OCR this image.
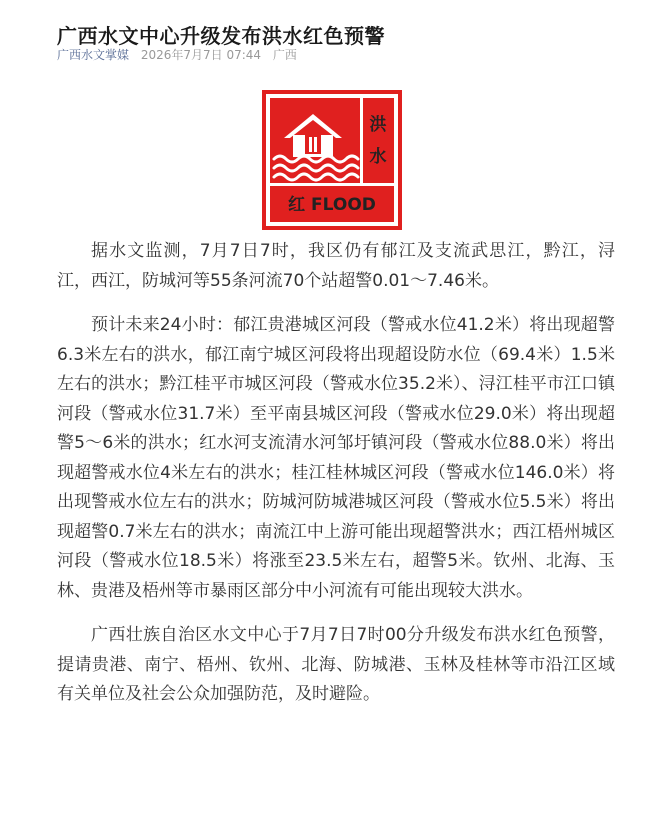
广西水文中心升级发布洪水红色预警
广西水文掌媒 2026年7月7日 07:44 广西
洪
水
红 FLOOD

据水文监测，7月7日7时，我区仍有郁江及支流武思江，黔江，浔江，西江，防城河等55条河流70个站超警0.01～7.46米。

预计未来24小时：郁江贵港城区河段（警戒水位41.2米）将出现超警6.3米左右的洪水，郁江南宁城区河段将出现超设防水位（69.4米）1.5米左右的洪水；黔江桂平市城区河段（警戒水位35.2米）、浔江桂平市江口镇河段（警戒水位31.7米）至平南县城区河段（警戒水位29.0米）将出现超警5～6米的洪水；红水河支流清水河邹圩镇河段（警戒水位88.0米）将出现超警戒水位4米左右的洪水；桂江桂林城区河段（警戒水位146.0米）将出现警戒水位左右的洪水；防城河防城港城区河段（警戒水位5.5米）将出现超警0.7米左右的洪水；南流江中上游可能出现超警洪水；西江梧州城区河段（警戒水位18.5米）将涨至23.5米左右，超警5米。钦州、北海、玉林、贵港及梧州等市暴雨区部分中小河流有可能出现较大洪水。

广西壮族自治区水文中心于7月7日7时00分升级发布洪水红色预警，提请贵港、南宁、梧州、钦州、北海、防城港、玉林及桂林等市沿江区域有关单位及社会公众加强防范，及时避险。
